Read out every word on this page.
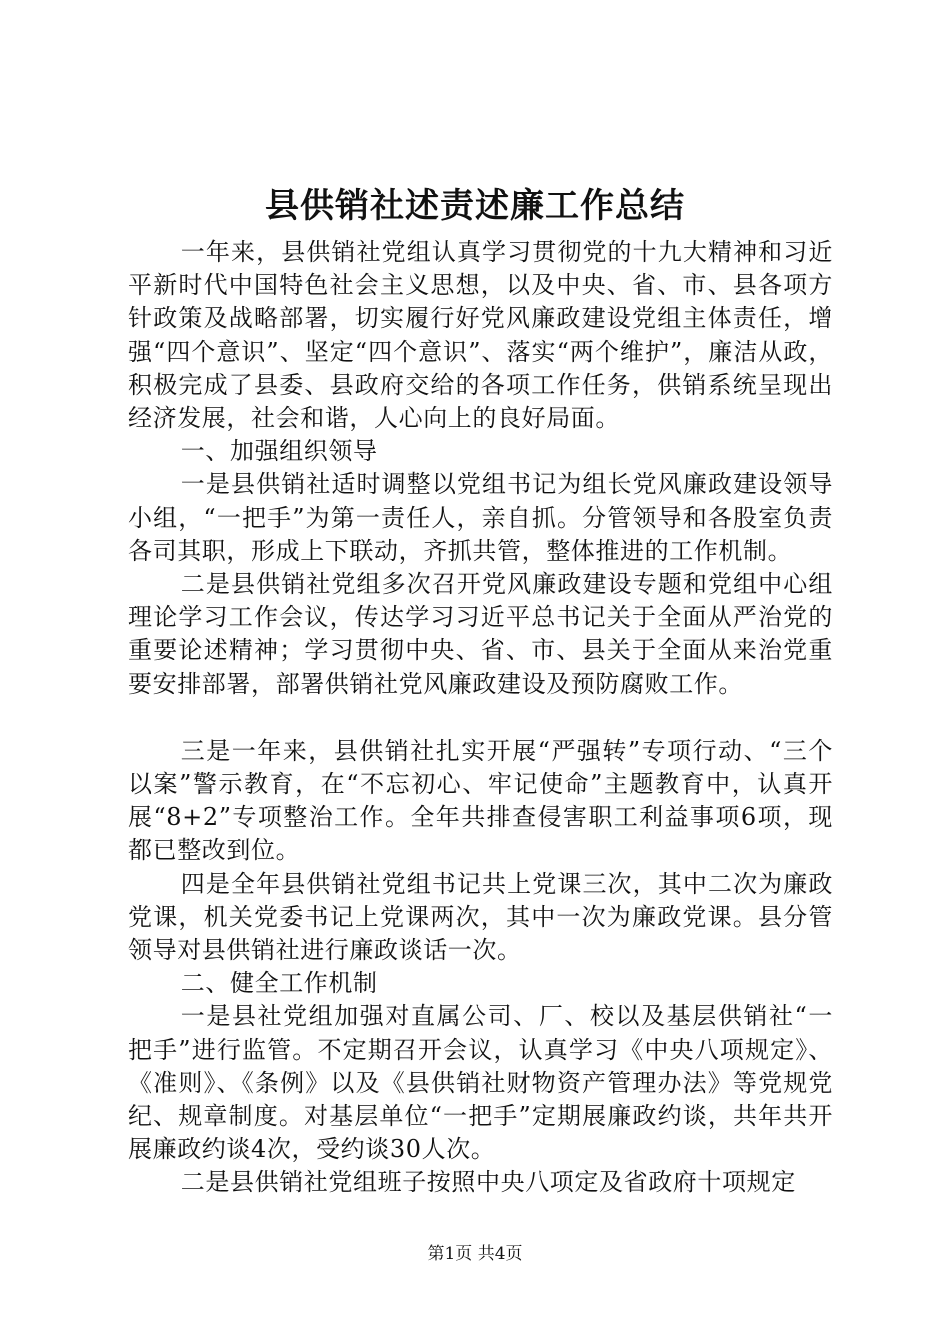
县供销社述责述廉工作总结

一年来，县供销社党组认真学习贯彻党的十九大精神和习近平新时代中国特色社会主义思想，以及中央、省、市、县各项方针政策及战略部署，切实履行好党风廉政建设党组主体责任，增强“四个意识”、坚定“四个意识”、落实“两个维护”，廉洁从政，积极完成了县委、县政府交给的各项工作任务，供销系统呈现出经济发展，社会和谐，人心向上的良好局面。

一、加强组织领导

一是县供销社适时调整以党组书记为组长党风廉政建设领导小组，“一把手”为第一责任人，亲自抓。分管领导和各股室负责各司其职，形成上下联动，齐抓共管，整体推进的工作机制。

二是县供销社党组多次召开党风廉政建设专题和党组中心组理论学习工作会议，传达学习习近平总书记关于全面从严治党的重要论述精神；学习贯彻中央、省、市、县关于全面从来治党重要安排部署，部署供销社党风廉政建设及预防腐败工作。

三是一年来，县供销社扎实开展“严强转”专项行动、“三个以案”警示教育，在“不忘初心、牢记使命”主题教育中，认真开展“8+2”专项整治工作。全年共排查侵害职工利益事项6项，现都已整改到位。

四是全年县供销社党组书记共上党课三次，其中二次为廉政党课，机关党委书记上党课两次，其中一次为廉政党课。县分管领导对县供销社进行廉政谈话一次。

二、健全工作机制

一是县社党组加强对直属公司、厂、校以及基层供销社“一把手”进行监管。不定期召开会议，认真学习《中央八项规定》、《准则》、《条例》以及《县供销社财物资产管理办法》等党规党纪、规章制度。对基层单位“一把手”定期展廉政约谈，共年共开展廉政约谈4次，受约谈30人次。

二是县供销社党组班子按照中央八项定及省政府十项规定

第1页 共4页
